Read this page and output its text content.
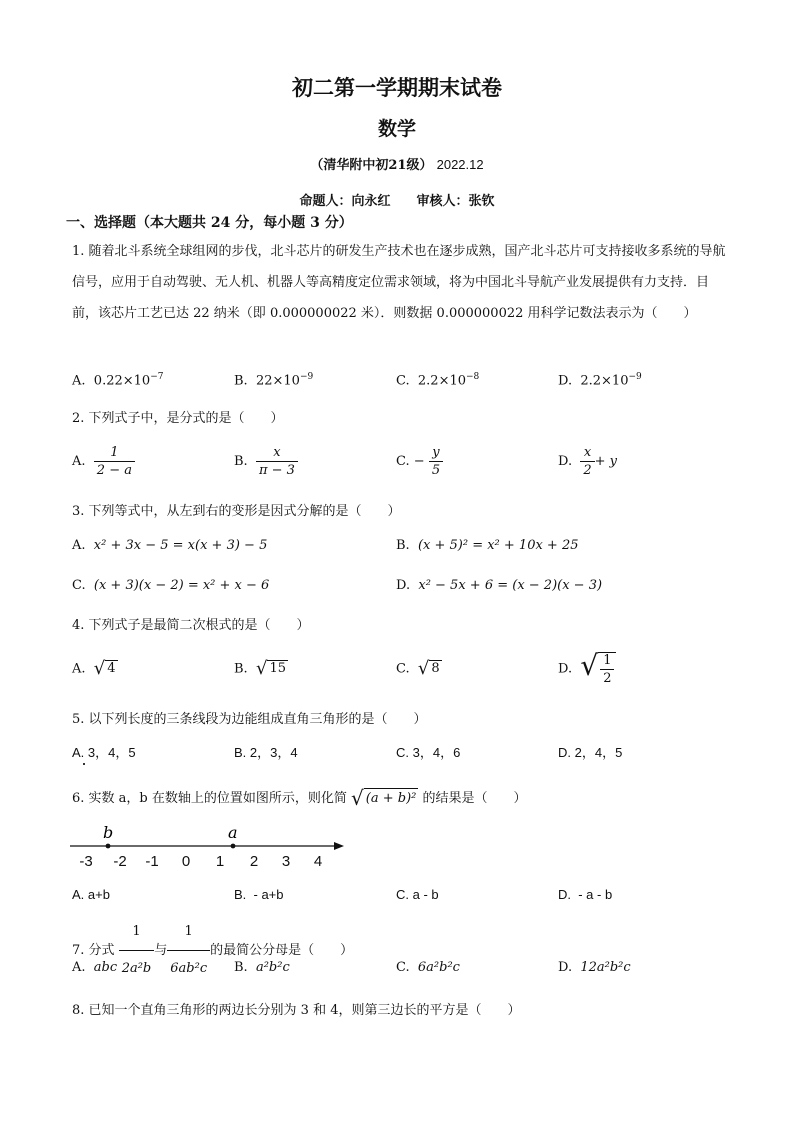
初二第一学期期末试卷
数学
（清华附中初21级） 2022.12
命题人：向永红　　审核人：张钦
一、选择题（本大题共 24 分，每小题 3 分）
1. 随着北斗系统全球组网的步伐，北斗芯片的研发生产技术也在逐步成熟，国产北斗芯片可支持接收多系统的导航信号，应用于自动驾驶、无人机、机器人等高精度定位需求领域，将为中国北斗导航产业发展提供有力支持．目前，该芯片工艺已达 22 纳米（即 0.000000022 米）．则数据 0.000000022 用科学记数法表示为（　　）
A. $0.22\times 10^{-7}$	B. $22\times 10^{-9}$	C. $2.2\times 10^{-8}$	D. $2.2\times 10^{-9}$
2. 下列式子中，是分式的是（　　）
A. $\frac{1}{2 - a}$	B. $\frac{x}{\pi - 3}$	C. − $\frac{y}{5}$	D. $\frac{x}{2} + y$
3. 下列等式中，从左到右的变形是因式分解的是（　　）
A. x² + 3x − 5 = x(x + 3) − 5	B. (x + 5)² = x² + 10x + 25
C. (x + 3)(x − 2) = x² + x − 6	D. x² − 5x + 6 = (x − 2)(x − 3)
4. 下列式子是最简二次根式的是（　　）
A. √ 4	B. √ 15	C. √ 8	D. √ $\frac{1}{2}$
5. 以下列长度的三条线段为边能组成直角三角形的是（　　）
A. 3，4，5	B. 2，3，4	C. 3，4，6	D. 2，4，5
6. 实数 a，b 在数轴上的位置如图所示，则化简 √ (a + b)² 的结果是（　　）
b	a
-3 -2 -1 0 1 2 3 4
A. a+b	B.  - a+b	C. a - b	D.  - a - b
7. 分式 $\frac{1}{\text{2a²b}}$ 与 $\frac{1}{\text{6ab²c}}$ 的最简公分母是（　　）
A. abc	B. a²b²c	C. 6a²b²c	D. 12a²b²c
8. 已知一个直角三角形的两边长分别为 3 和 4，则第三边长的平方是（　　）
